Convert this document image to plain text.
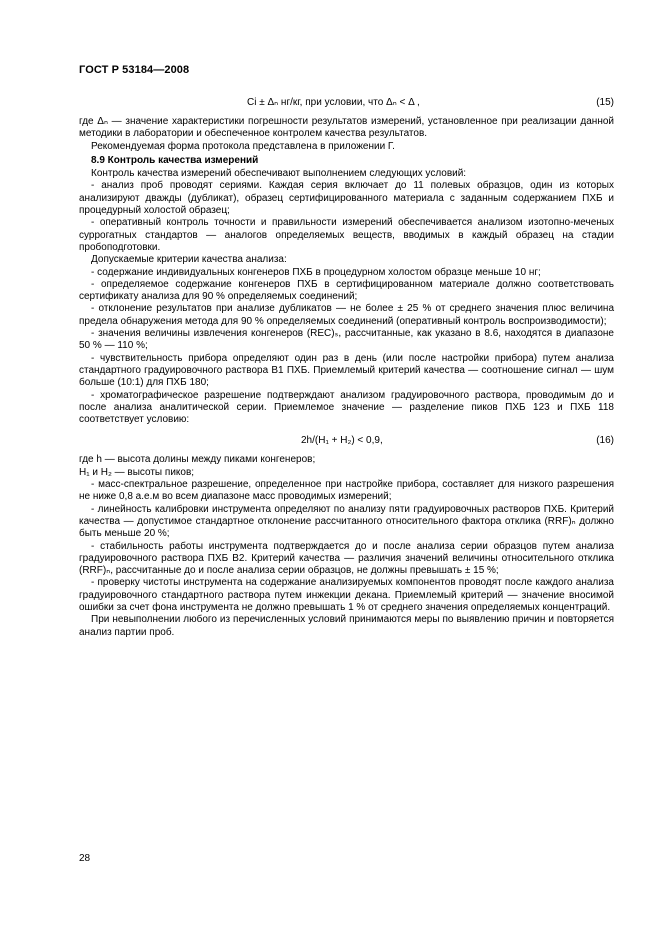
ГОСТ Р 53184—2008
Ci ± Δₙ нг/кг, при условии, что Δₙ < Δ ,	(15)

где Δₙ — значение характеристики погрешности результатов измерений, установленное при реализации данной методики в лаборатории и обеспеченное контролем качества результатов.

Рекомендуемая форма протокола представлена в приложении Г.

8.9 Контроль качества измерений

Контроль качества измерений обеспечивают выполнением следующих условий:

- анализ проб проводят сериями. Каждая серия включает до 11 полевых образцов, один из которых анализируют дважды (дубликат), образец сертифицированного материала с заданным содержанием ПХБ и процедурный холостой образец;

- оперативный контроль точности и правильности измерений обеспечивается анализом изотопно-меченых суррогатных стандартов — аналогов определяемых веществ, вводимых в каждый образец на стадии пробоподготовки.

Допускаемые критерии качества анализа:

- содержание индивидуальных конгенеров ПХБ в процедурном холостом образце меньше 10 нг;

- определяемое содержание конгенеров ПХБ в сертифицированном материале должно соответствовать сертификату анализа для 90 % определяемых соединений;

- отклонение результатов при анализе дубликатов — не более ± 25 % от среднего значения плюс величина предела обнаружения метода для 90 % определяемых соединений (оперативный контроль воспроизводимости);

- значения величины извлечения конгенеров (REC)ₛ, рассчитанные, как указано в 8.6, находятся в диапазоне 50 % — 110 %;

- чувствительность прибора определяют один раз в день (или после настройки прибора) путем анализа стандартного градуировочного раствора В1 ПХБ. Приемлемый критерий качества — соотношение сигнал — шум больше (10:1) для ПХБ 180;

- хроматографическое разрешение подтверждают анализом градуировочного раствора, проводимым до и после анализа аналитической серии. Приемлемое значение — разделение пиков ПХБ 123 и ПХБ 118 соответствует условию:

2h/(H₁ + H₂) < 0,9,	(16)

где h — высота долины между пиками конгенеров;

H₁ и H₂ — высоты пиков;

- масс-спектральное разрешение, определенное при настройке прибора, составляет для низкого разрешения не ниже 0,8 а.е.м во всем диапазоне масс проводимых измерений;

- линейность калибровки инструмента определяют по анализу пяти градуировочных растворов ПХБ. Критерий качества — допустимое стандартное отклонение рассчитанного относительного фактора отклика (RRF)ₙ должно быть меньше 20 %;

- стабильность работы инструмента подтверждается до и после анализа серии образцов путем анализа градуировочного раствора ПХБ В2. Критерий качества — различия значений величины относительного отклика (RRF)ₙ, рассчитанные до и после анализа серии образцов, не должны превышать ± 15 %;

- проверку чистоты инструмента на содержание анализируемых компонентов проводят после каждого анализа градуировочного стандартного раствора путем инжекции декана. Приемлемый критерий — значение вносимой ошибки за счет фона инструмента не должно превышать 1 % от среднего значения определяемых концентраций.

При невыполнении любого из перечисленных условий принимаются меры по выявлению причин и повторяется анализ партии проб.

28
